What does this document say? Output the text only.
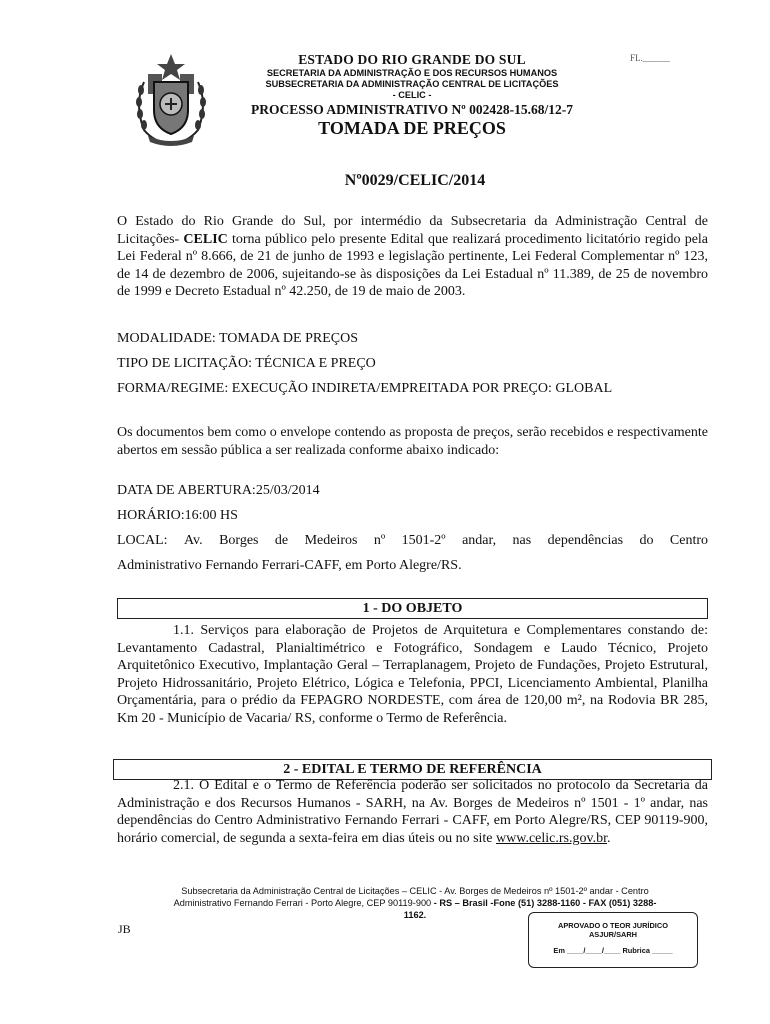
ESTADO DO RIO GRANDE DO SUL
SECRETARIA DA ADMINISTRAÇÃO E DOS RECURSOS HUMANOS
SUBSECRETARIA DA ADMINISTRAÇÃO CENTRAL DE LICITAÇÕES
- CELIC -
PROCESSO ADMINISTRATIVO Nº 002428-15.68/12-7
TOMADA DE PREÇOS
FL.______
Nº0029/CELIC/2014
O Estado do Rio Grande do Sul, por intermédio da Subsecretaria da Administração Central de Licitações- CELIC torna público pelo presente Edital que realizará procedimento licitatório regido pela Lei Federal nº 8.666, de 21 de junho de 1993 e legislação pertinente, Lei Federal Complementar nº 123, de 14 de dezembro de 2006, sujeitando-se às disposições da Lei Estadual nº 11.389, de 25 de novembro de 1999 e Decreto Estadual nº 42.250, de 19 de maio de 2003.
MODALIDADE: TOMADA DE PREÇOS
TIPO DE LICITAÇÃO: TÉCNICA E PREÇO
FORMA/REGIME: EXECUÇÃO INDIRETA/EMPREITADA POR PREÇO: GLOBAL
Os documentos bem como o envelope contendo as proposta de preços, serão recebidos e respectivamente abertos em sessão pública a ser realizada conforme abaixo indicado:
DATA DE ABERTURA:25/03/2014
HORÁRIO:16:00 HS
LOCAL: Av. Borges de Medeiros nº 1501-2º andar, nas dependências do Centro
Administrativo Fernando Ferrari-CAFF, em Porto Alegre/RS.
1 - DO OBJETO
1.1. Serviços para elaboração de Projetos de Arquitetura e Complementares constando de: Levantamento Cadastral, Planialtimétrico e Fotográfico, Sondagem e Laudo Técnico, Projeto Arquitetônico Executivo, Implantação Geral – Terraplanagem, Projeto de Fundações, Projeto Estrutural, Projeto Hidrossanitário, Projeto Elétrico, Lógica e Telefonia, PPCI, Licenciamento Ambiental, Planilha Orçamentária, para o prédio da FEPAGRO NORDESTE, com área de 120,00 m², na Rodovia BR 285, Km 20 - Município de Vacaria/ RS, conforme o Termo de Referência.
2 - EDITAL E TERMO DE REFERÊNCIA
2.1. O Edital e o Termo de Referência poderão ser solicitados no protocolo da Secretaria da Administração e dos Recursos Humanos - SARH, na Av. Borges de Medeiros nº 1501 - 1º andar, nas dependências do Centro Administrativo Fernando Ferrari - CAFF, em Porto Alegre/RS, CEP 90119-900, horário comercial, de segunda a sexta-feira em dias úteis ou no site www.celic.rs.gov.br.
Subsecretaria da Administração Central de Licitações – CELIC - Av. Borges de Medeiros nº 1501-2º andar - Centro
Administrativo Fernando Ferrari - Porto Alegre, CEP 90119-900 - RS – Brasil -Fone (51) 3288-1160 - FAX (051) 3288-
1162.
JB	APROVADO O TEOR JURÍDICO
ASJUR/SARH
Em ____/____/____ Rubrica _____
